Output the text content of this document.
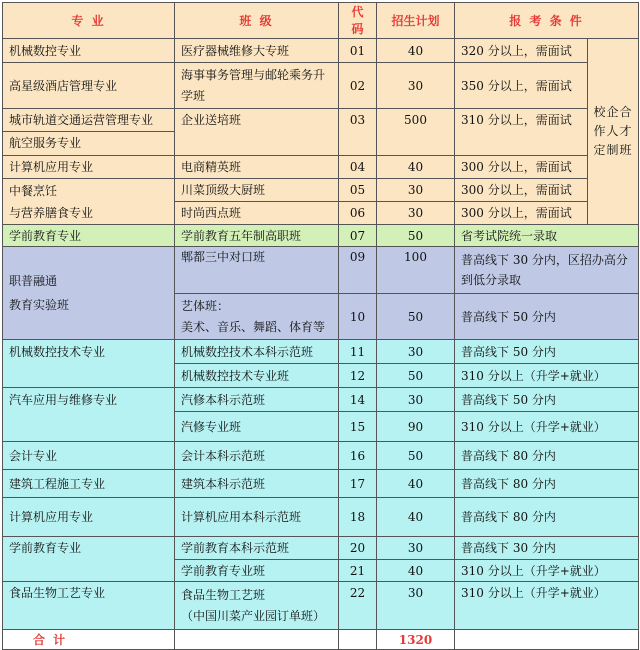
专 业	班 级	代码	招生计划	报 考 条 件	
机械数控专业	医疗器械维修大专班	01	40	320 分以上，需面试	校企合作人才定制班
高星级酒店管理专业	海事事务管理与邮轮乘务升学班	02	30	350 分以上，需面试	

城市轨道交通运营管理专业
航空服务专业	企业送培班	03	500	310 分以上，需面试	
计算机应用专业	电商精英班	04	40	300 分以上，需面试	

中餐烹饪
与营养膳食专业	川菜顶级大厨班	05	30	300 分以上，需面试	
	时尚西点班	06	30	300 分以上，需面试	
学前教育专业	学前教育五年制高职班	07	50	省考试院统一录取	

职普融通
教育实验班	郫都三中对口班	09	100	普高线下 30 分内，区招办高分到低分录取	

	艺体班：
美术、音乐、舞蹈、体育等	10	50	普高线下 50 分内	
机械数控技术专业	机械数控技术本科示范班	11	30	普高线下 50 分内	
	机械数控技术专业班	12	50	310 分以上（升学+就业）	
汽车应用与维修专业	汽修本科示范班	14	30	普高线下 50 分内	
	汽修专业班	15	90	310 分以上（升学+就业）	
会计专业	会计本科示范班	16	50	普高线下 80 分内	
建筑工程施工专业	建筑本科示范班	17	40	普高线下 80 分内	
计算机应用专业	计算机应用本科示范班	18	40	普高线下 80 分内	
学前教育专业	学前教育本科示范班	20	30	普高线下 30 分内	
	学前教育专业班	21	40	310 分以上（升学+就业）	
食品生物工艺专业	食品生物工艺班
（中国川菜产业园订单班）	22	30	310 分以上（升学+就业）	
合 计			1320		
